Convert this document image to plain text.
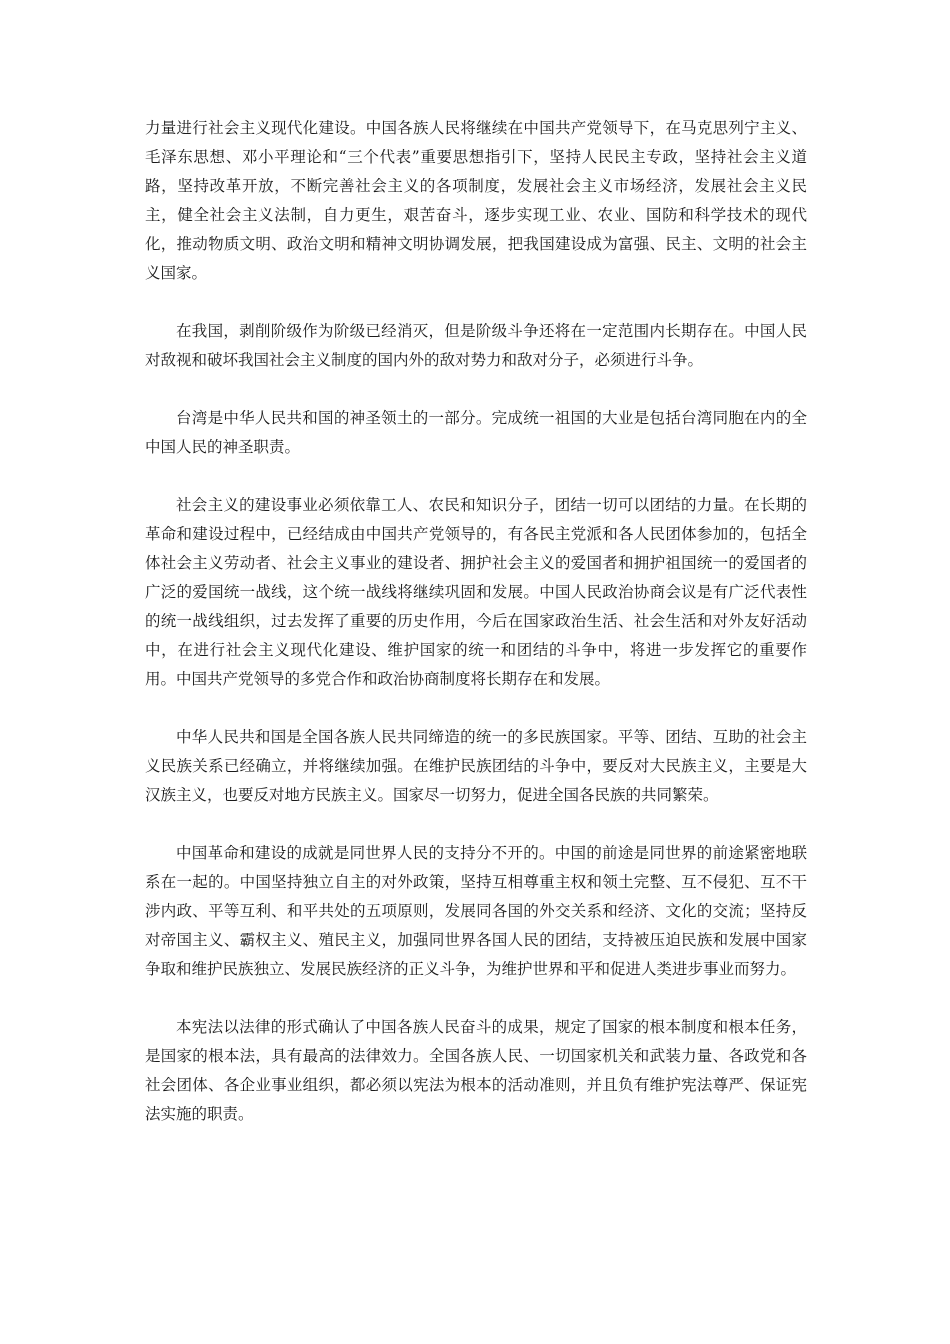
力量进行社会主义现代化建设。中国各族人民将继续在中国共产党领导下，在马克思列宁主义、毛泽东思想、邓小平理论和“三个代表”重要思想指引下，坚持人民民主专政，坚持社会主义道路，坚持改革开放，不断完善社会主义的各项制度，发展社会主义市场经济，发展社会主义民主，健全社会主义法制，自力更生，艰苦奋斗，逐步实现工业、农业、国防和科学技术的现代化，推动物质文明、政治文明和精神文明协调发展，把我国建设成为富强、民主、文明的社会主义国家。

在我国，剥削阶级作为阶级已经消灭，但是阶级斗争还将在一定范围内长期存在。中国人民对敌视和破坏我国社会主义制度的国内外的敌对势力和敌对分子，必须进行斗争。

台湾是中华人民共和国的神圣领土的一部分。完成统一祖国的大业是包括台湾同胞在内的全中国人民的神圣职责。

社会主义的建设事业必须依靠工人、农民和知识分子，团结一切可以团结的力量。在长期的革命和建设过程中，已经结成由中国共产党领导的，有各民主党派和各人民团体参加的，包括全体社会主义劳动者、社会主义事业的建设者、拥护社会主义的爱国者和拥护祖国统一的爱国者的广泛的爱国统一战线，这个统一战线将继续巩固和发展。中国人民政治协商会议是有广泛代表性的统一战线组织，过去发挥了重要的历史作用，今后在国家政治生活、社会生活和对外友好活动中，在进行社会主义现代化建设、维护国家的统一和团结的斗争中，将进一步发挥它的重要作用。中国共产党领导的多党合作和政治协商制度将长期存在和发展。

中华人民共和国是全国各族人民共同缔造的统一的多民族国家。平等、团结、互助的社会主义民族关系已经确立，并将继续加强。在维护民族团结的斗争中，要反对大民族主义，主要是大汉族主义，也要反对地方民族主义。国家尽一切努力，促进全国各民族的共同繁荣。

中国革命和建设的成就是同世界人民的支持分不开的。中国的前途是同世界的前途紧密地联系在一起的。中国坚持独立自主的对外政策，坚持互相尊重主权和领土完整、互不侵犯、互不干涉内政、平等互利、和平共处的五项原则，发展同各国的外交关系和经济、文化的交流；坚持反对帝国主义、霸权主义、殖民主义，加强同世界各国人民的团结，支持被压迫民族和发展中国家争取和维护民族独立、发展民族经济的正义斗争，为维护世界和平和促进人类进步事业而努力。

本宪法以法律的形式确认了中国各族人民奋斗的成果，规定了国家的根本制度和根本任务，是国家的根本法，具有最高的法律效力。全国各族人民、一切国家机关和武装力量、各政党和各社会团体、各企业事业组织，都必须以宪法为根本的活动准则，并且负有维护宪法尊严、保证宪法实施的职责。
